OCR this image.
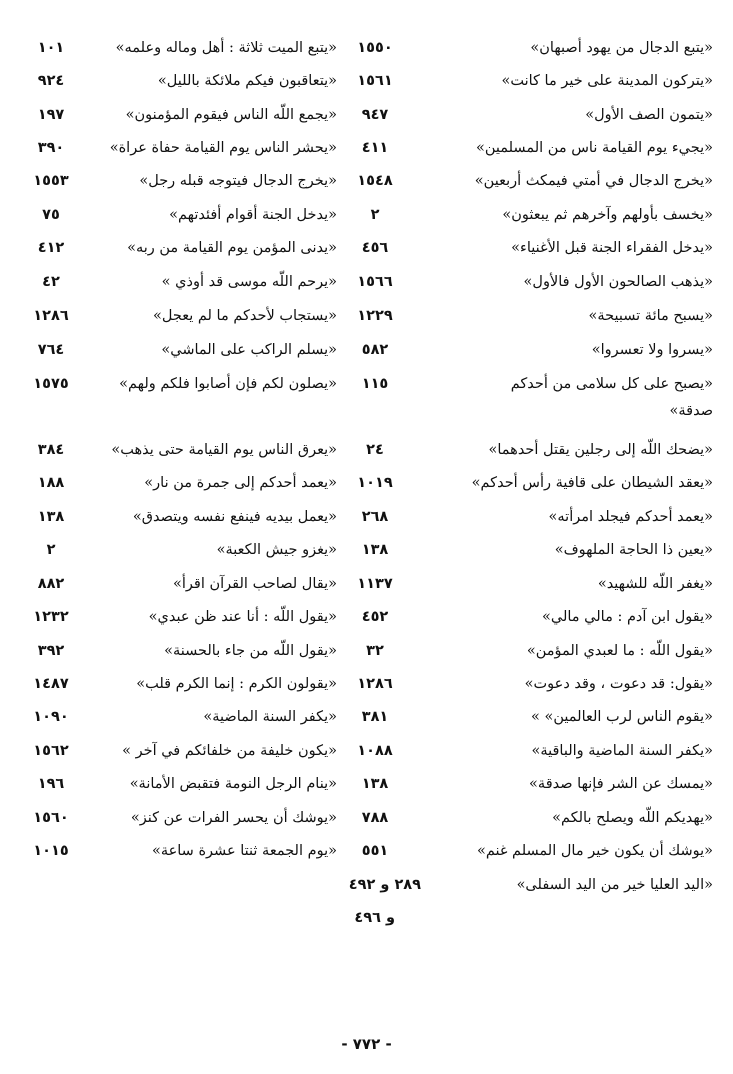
«يتبع الدجال من يهود أصبهان»
١٥٥٠
«يتبع الميت ثلاثة : أهل وماله وعلمه»
١٠١
«يتركون المدينة على خير ما كانت»
١٥٦١
«يتعاقبون فيكم ملائكة بالليل»
٩٢٤
«يتمون الصف الأول»
٩٤٧
«يجمع اللّه الناس فيقوم المؤمنون»
١٩٧
«يجيء يوم القيامة ناس من المسلمين»
٤١١
«يحشر الناس يوم القيامة حفاة عراة»
٣٩٠
«يخرج الدجال في أمتي فيمكث أربعين»
١٥٤٨
«يخرج الدجال فيتوجه قبله رجل»
١٥٥٣
«يخسف بأولهم وآخرهم ثم يبعثون»
٢
«يدخل الجنة أقوام أفئدتهم»
٧٥
«يدخل الفقراء الجنة قبل الأغنياء»
٤٥٦
«يدنى المؤمن يوم القيامة من ربه»
٤١٢
«يذهب الصالحون الأول فالأول»
١٥٦٦
«يرحم اللّه موسى قد أوذي »
٤٢
«يسبح مائة تسبيحة»
١٢٢٩
«يستجاب لأحدكم ما لم يعجل»
١٢٨٦
«يسروا ولا تعسروا»
٥٨٢
«يسلم الراكب على الماشي»
٧٦٤
«يصبح على كل سلامى من أحدكم
١١٥
«يصلون لكم فإن أصابوا فلكم ولهم»
١٥٧٥
صدقة»
«يضحك اللّه إلى رجلين يقتل أحدهما»
٢٤
«يعرق الناس يوم القيامة حتى يذهب»
٣٨٤
«يعقد الشيطان على قافية رأس أحدكم»
١٠١٩
«يعمد أحدكم إلى جمرة من نار»
١٨٨
«يعمد أحدكم فيجلد امرأته»
٢٦٨
«يعمل بيديه فينفع نفسه ويتصدق»
١٣٨
«يعين ذا الحاجة الملهوف»
١٣٨
«يغزو جيش الكعبة»
٢
«يغفر اللّه للشهيد»
١١٣٧
«يقال لصاحب القرآن اقرأ»
٨٨٢
«يقول ابن آدم : مالي مالي»
٤٥٢
«يقول اللّه : أنا عند ظن عبدي»
١٢٣٢
«يقول اللّه : ما لعبدي المؤمن»
٣٢
«يقول اللّه من جاء بالحسنة»
٣٩٢
«يقول: قد دعوت ، وقد دعوت»
١٢٨٦
«يقولون الكرم : إنما الكرم قلب»
١٤٨٧
«يقوم الناس لرب العالمين» »
٣٨١
«يكفر السنة الماضية»
١٠٩٠
«يكفر السنة الماضية والباقية»
١٠٨٨
«يكون خليفة من خلفائكم في آخر »
١٥٦٢
«يمسك عن الشر فإنها صدقة»
١٣٨
«ينام الرجل النومة فتقبض الأمانة»
١٩٦
«يهديكم اللّه ويصلح بالكم»
٧٨٨
«يوشك أن يحسر الفرات عن كنز»
١٥٦٠
«يوشك أن يكون خير مال المسلم غنم»
٥٥١
«يوم الجمعة ثنتا عشرة ساعة»
١٠١٥
«اليد العليا خير من اليد السفلى»
٢٨٩ و ٤٩٢
و ٤٩٦
- ٧٧٢ -
